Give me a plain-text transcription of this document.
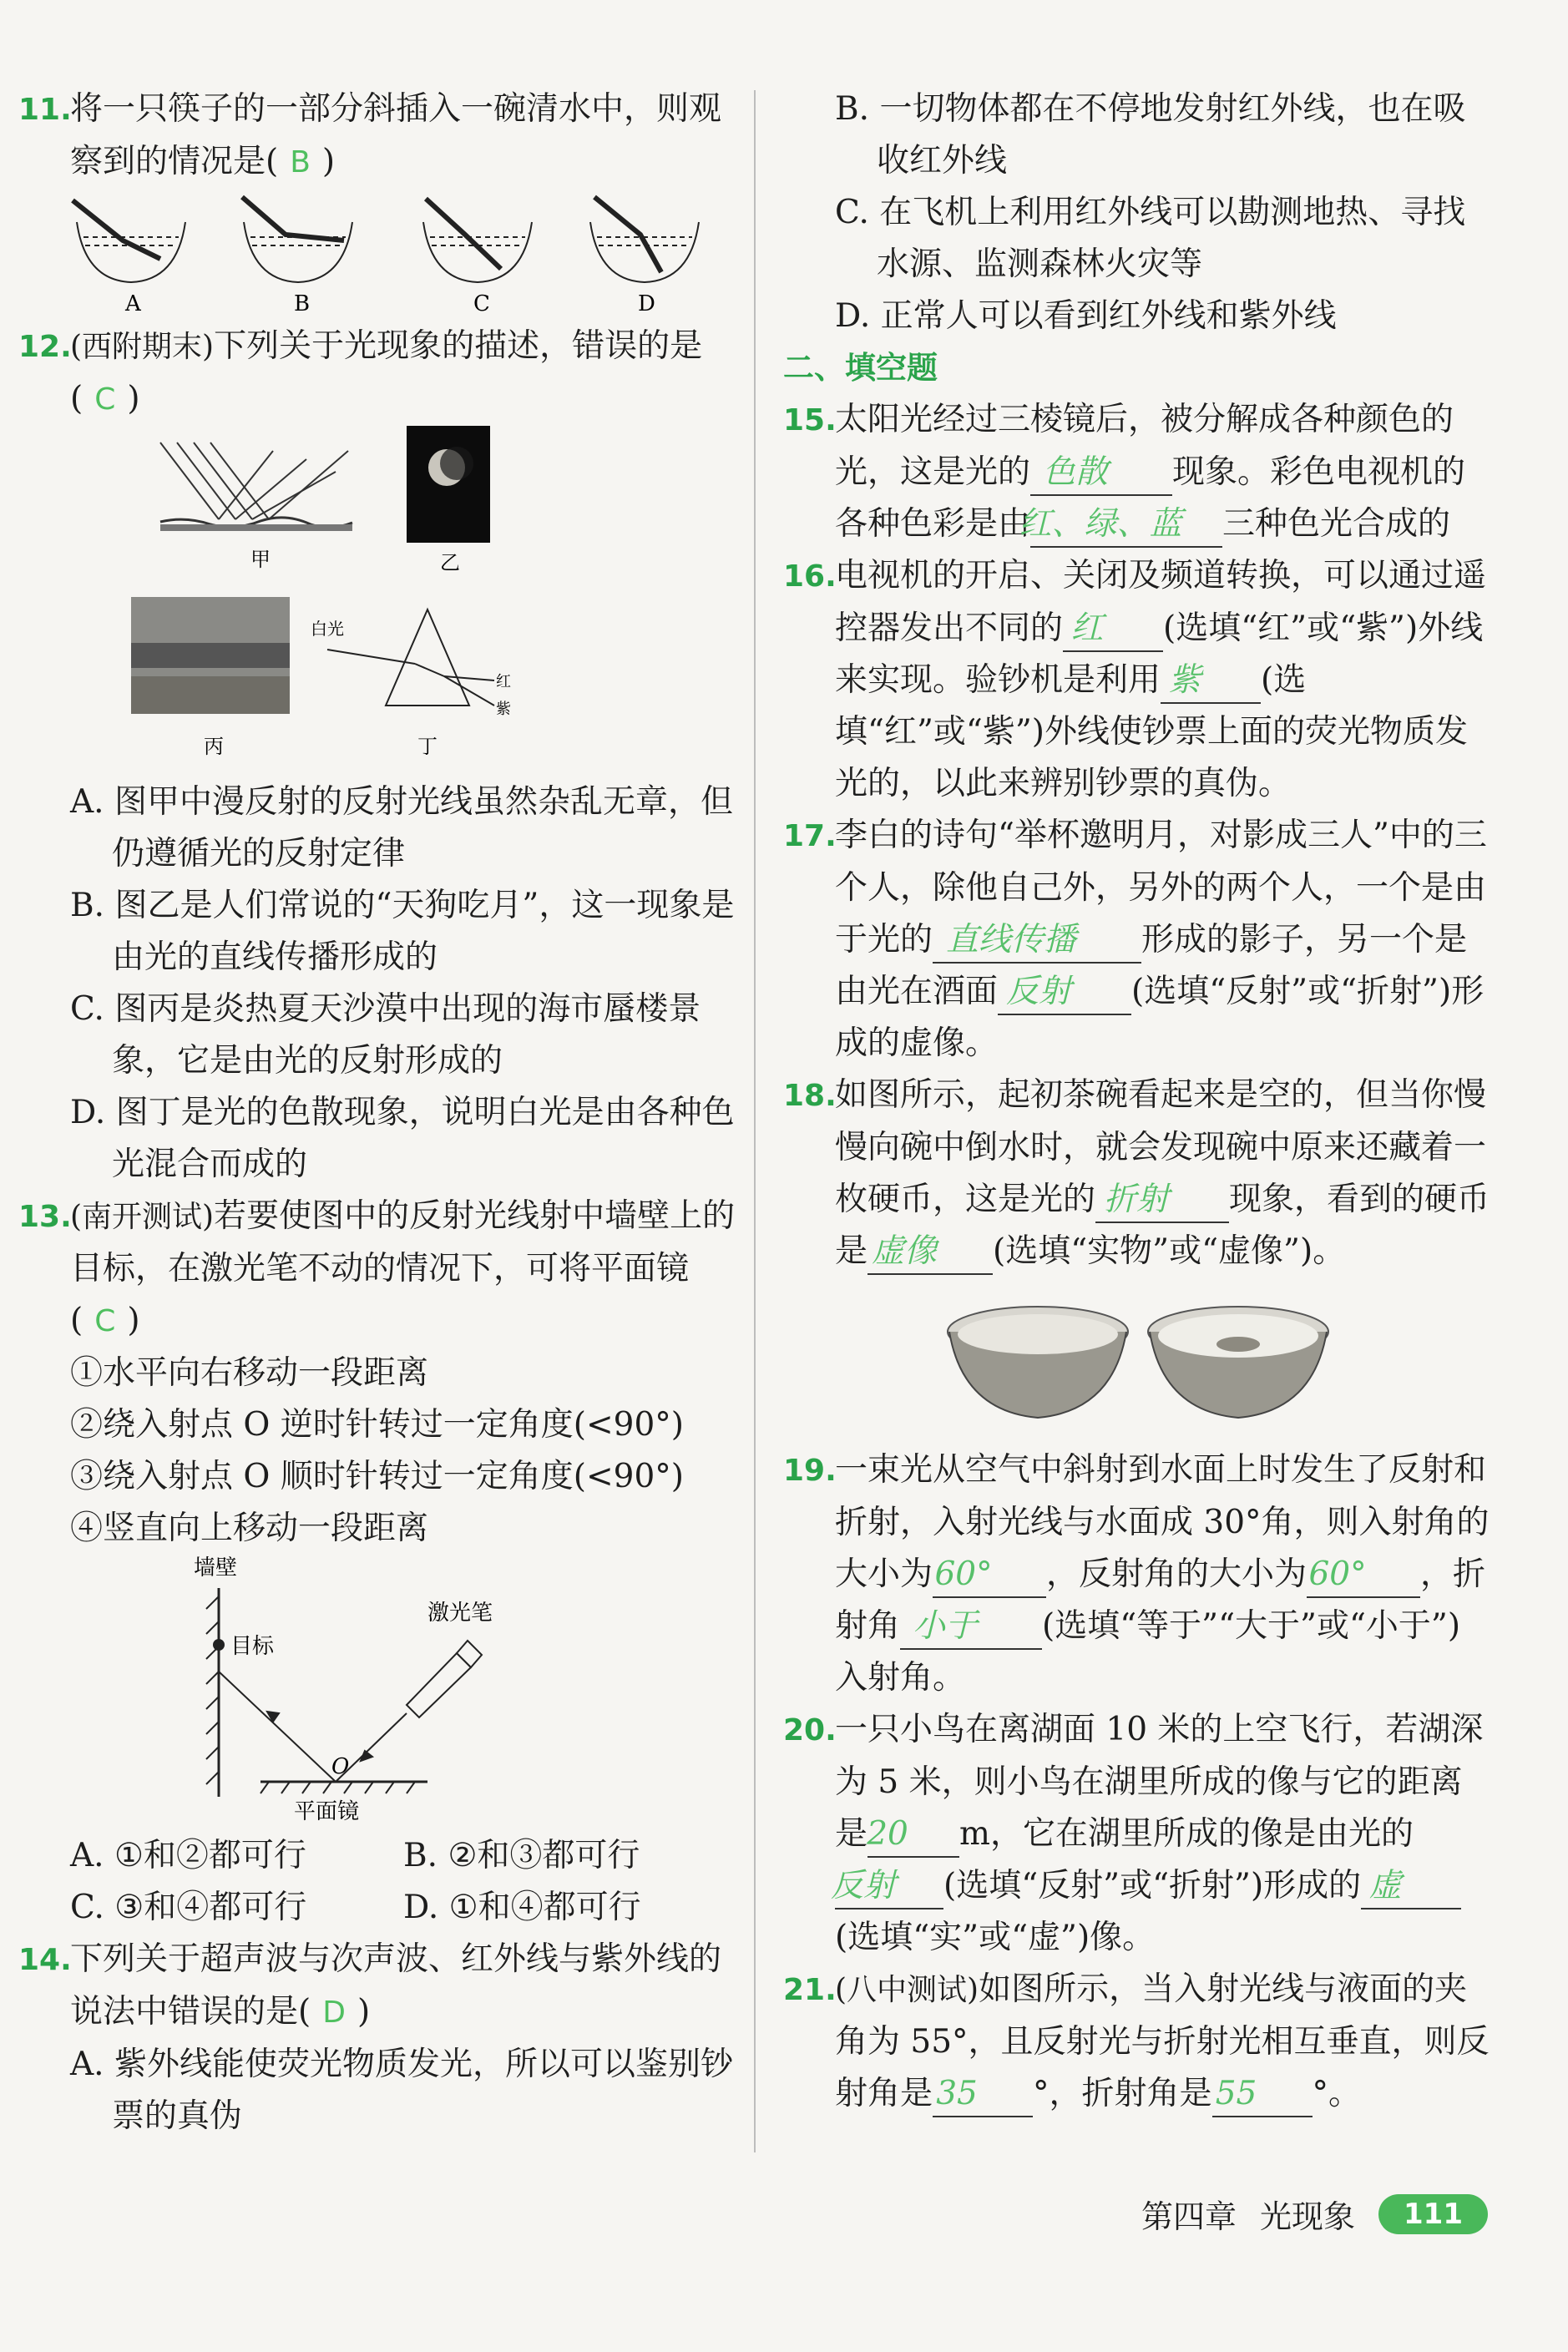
11.将一只筷子的一部分斜插入一碗清水中，则观察到的情况是( B )
A	B	C	D
12.(西附期末)下列关于光现象的描述，错误的是( C )
甲	乙
丙
白光
红
紫
丁
A. 图甲中漫反射的反射光线虽然杂乱无章，但仍遵循光的反射定律
B. 图乙是人们常说的“天狗吃月”，这一现象是由光的直线传播形成的
C. 图丙是炎热夏天沙漠中出现的海市蜃楼景象，它是由光的反射形成的
D. 图丁是光的色散现象，说明白光是由各种色光混合而成的
13.(南开测试)若要使图中的反射光线射中墙壁上的目标，在激光笔不动的情况下，可将平面镜( C )
①水平向右移动一段距离
②绕入射点 O 逆时针转过一定角度(<90°)
③绕入射点 O 顺时针转过一定角度(<90°)
④竖直向上移动一段距离
墙壁
目标
激光笔
O
平面镜
A. ①和②都可行	B. ②和③都可行
C. ③和④都可行	D. ①和④都可行
14.下列关于超声波与次声波、红外线与紫外线的说法中错误的是( D )
A. 紫外线能使荧光物质发光，所以可以鉴别钞票的真伪
B. 一切物体都在不停地发射红外线，也在吸收红外线
C. 在飞机上利用红外线可以勘测地热、寻找水源、监测森林火灾等
D. 正常人可以看到红外线和紫外线
二、填空题
15.太阳光经过三棱镜后，被分解成各种颜色的光，这是光的 色散 现象。彩色电视机的各种色彩是由红、绿、蓝 三种色光合成的
16.电视机的开启、关闭及频道转换，可以通过遥控器发出不同的 红 (选填“红”或“紫”)外线来实现。验钞机是利用 紫 (选填“红”或“紫”)外线使钞票上面的荧光物质发光的，以此来辨别钞票的真伪。
17.李白的诗句“举杯邀明月，对影成三人”中的三个人，除他自己外，另外的两个人，一个是由于光的 直线传播 形成的影子，另一个是由光在酒面 反射 (选填“反射”或“折射”)形成的虚像。
18.如图所示，起初茶碗看起来是空的，但当你慢慢向碗中倒水时，就会发现碗中原来还藏着一枚硬币，这是光的 折射 现象，看到的硬币是 虚像 (选填“实物”或“虚像”)。
19.一束光从空气中斜射到水面上时发生了反射和折射，入射光线与水面成 30°角，则入射角的大小为60° ，反射角的大小为60° ，折射角 小于 (选填“等于”“大于”或“小于”)入射角。
20.一只小鸟在离湖面 10 米的上空飞行，若湖深为 5 米，则小鸟在湖里所成的像与它的距离是20 m，它在湖里所成的像是由光的反射 (选填“反射”或“折射”)形成的 虚(选填“实”或“虚”)像。
21.(八中测试)如图所示，当入射光线与液面的夹角为 55°，且反射光与折射光相互垂直，则反射角是 35 °，折射角是 55 °。
第四章 光现象	111
